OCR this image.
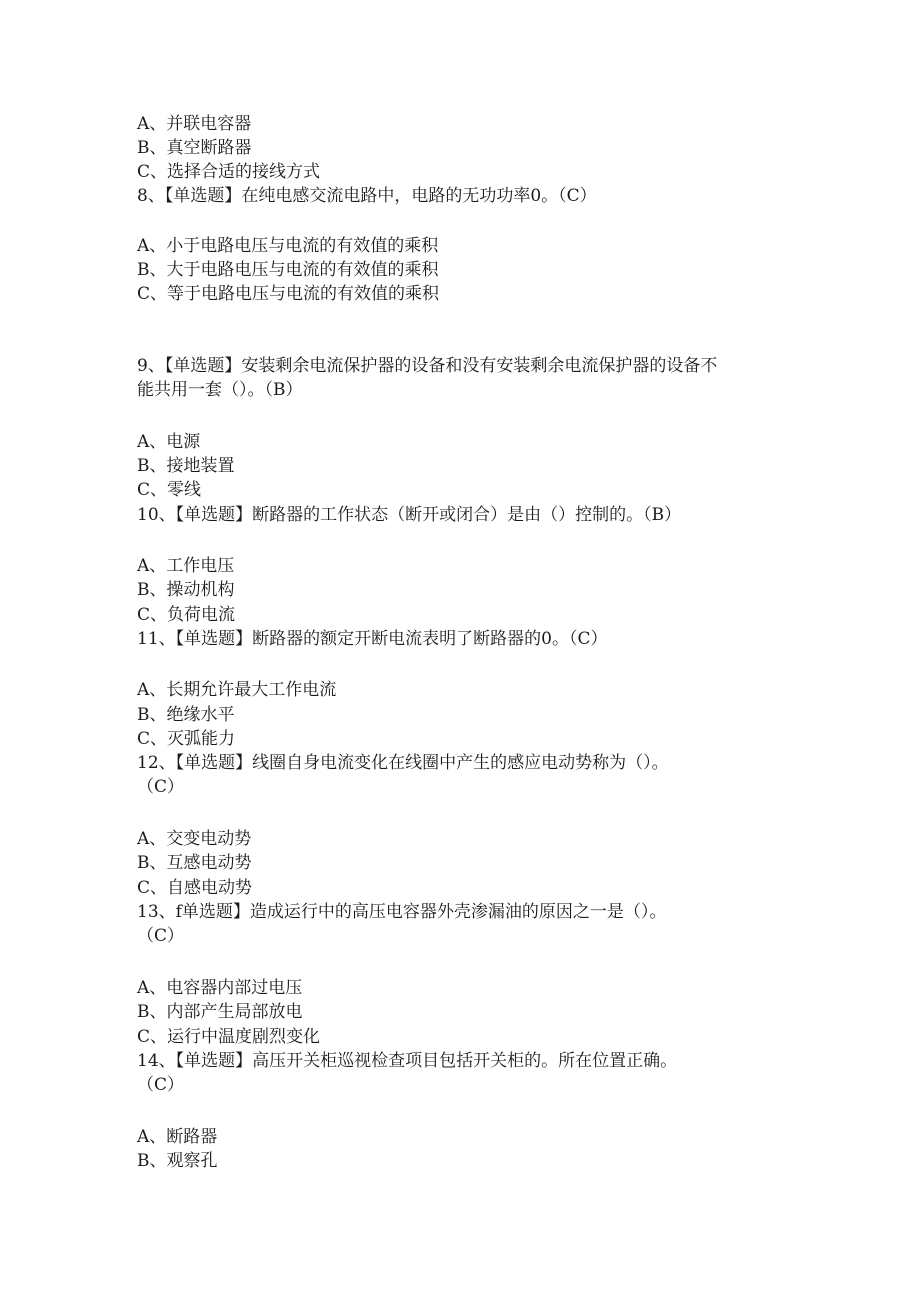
A、并联电容器
B、真空断路器
C、选择合适的接线方式
8、【单选题】在纯电感交流电路中，电路的无功功率0。（C）
A、小于电路电压与电流的有效值的乘积
B、大于电路电压与电流的有效值的乘积
C、等于电路电压与电流的有效值的乘积
9、【单选题】安装剩余电流保护器的设备和没有安装剩余电流保护器的设备不
能共用一套（）。（B）
A、电源
B、接地装置
C、零线
10、【单选题】断路器的工作状态（断开或闭合）是由（）控制的。（B）
A、工作电压
B、操动机构
C、负荷电流
11、【单选题】断路器的额定开断电流表明了断路器的0。（C）
A、长期允许最大工作电流
B、绝缘水平
C、灭弧能力
12、【单选题】线圈自身电流变化在线圈中产生的感应电动势称为（）。
（C）
A、交变电动势
B、互感电动势
C、自感电动势
13、f单选题】造成运行中的高压电容器外壳渗漏油的原因之一是（）。
（C）
A、电容器内部过电压
B、内部产生局部放电
C、运行中温度剧烈变化
14、【单选题】高压开关柜巡视检查项目包括开关柜的。所在位置正确。
（C）
A、断路器
B、观察孔
